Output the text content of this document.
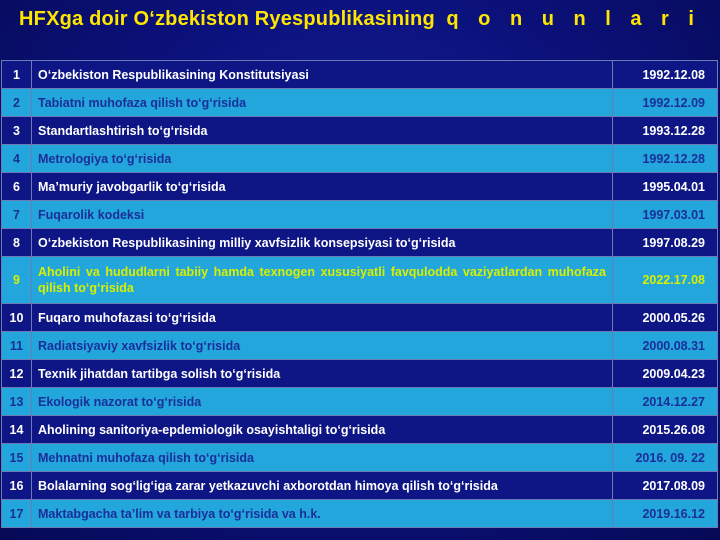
HFXga doir O‘zbekiston Ryespublikasining q o n u n l a r i
1	O‘zbekiston Respublikasining Konstitutsiyasi	1992.12.08
2	Tabiatni muhofaza qilish to‘g‘risida	1992.12.09
3	Standartlashtirish to‘g‘risida	1993.12.28
4	Metrologiya to‘g‘risida	1992.12.28
6	Ma’muriy javobgarlik to‘g‘risida	1995.04.01
7	Fuqarolik kodeksi	1997.03.01
8	O‘zbekiston Respublikasining milliy xavfsizlik konsepsiyasi to‘g‘risida	1997.08.29
9	Aholini va hududlarni tabiiy hamda texnogen xususiyatli favqulodda vaziyatlardan muhofaza qilish to‘g‘risida	2022.17.08
10	Fuqaro muhofazasi to‘g‘risida	2000.05.26
11	Radiatsiyaviy xavfsizlik to‘g‘risida	2000.08.31
12	Texnik jihatdan tartibga solish to‘g‘risida	2009.04.23
13	Ekologik nazorat to‘g‘risida	2014.12.27
14	Aholining sanitoriya-epdemiologik osayishtaligi to‘g‘risida	2015.26.08
15	Mehnatni muhofaza qilish to‘g‘risida	2016. 09. 22
16	Bolalarning sog‘lig‘iga zarar yetkazuvchi axborotdan himoya qilish to‘g‘risida	2017.08.09
17	Maktabgacha ta’lim va tarbiya to‘g‘risida va h.k.	2019.16.12
